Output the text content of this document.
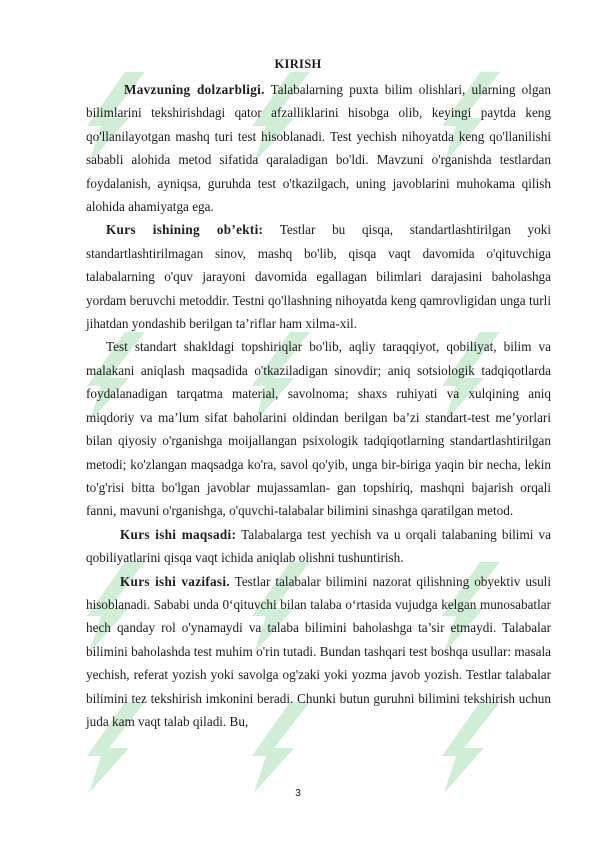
KIRISH

Mavzuning dolzarbligi. Talabalarning puxta bilim olishlari, ularning olgan bilimlarini tekshirishdagi qator afzalliklarini hisobga olib, keyingi paytda keng qo'llanilayotgan mashq turi test hisoblanadi. Test yechish nihoyatda keng qo'llanilishi sababli alohida metod sifatida qaraladigan bo'ldi. Mavzuni o'rganishda testlardan foydalanish, ayniqsa, guruhda test o'tkazilgach, uning javoblarini muhokama qilish alohida ahamiyatga ega.

Kurs ishining ob’ekti: Testlar bu qisqa, standartlashtirilgan yoki standartlashtirilmagan sinov, mashq bo'lib, qisqa vaqt davomida o'qituvchiga talabalarning o'quv jarayoni davomida egallagan bilimlari darajasini baholashga yordam beruvchi metoddir. Testni qo'llashning nihoyatda keng qamrovligidan unga turli jihatdan yondashib berilgan ta’riflar ham xilma-xil.

Test standart shakldagi topshiriqlar bo'lib, aqliy taraqqiyot, qobiliyat, bilim va malakani aniqlash maqsadida o'tkaziladigan sinovdir; aniq sotsiologik tadqiqotlarda foydalanadigan tarqatma material, savolnoma; shaxs ruhiyati va xulqining aniq miqdoriy va ma’lum sifat baholarini oldindan berilgan ba’zi standart-test me’yorlari bilan qiyosiy o'rganishga moijallangan psixologik tadqiqotlarning standartlashtirilgan metodi; ko'zlangan maqsadga ko'ra, savol qo'yib, unga bir-biriga yaqin bir necha, lekin to'g'risi bitta bo'lgan javoblar mujassamlan- gan topshiriq, mashqni bajarish orqali fanni, mavuni o'rganishga, o'quvchi-talabalar bilimini sinashga qaratilgan metod.

Kurs ishi maqsadi: Talabalarga test yechish va u orqali talabaning bilimi va qobiliyatlarini qisqa vaqt ichida aniqlab olishni tushuntirish.

Kurs ishi vazifasi. Testlar talabalar bilimini nazorat qilishning obyektiv usuli hisoblanadi. Sababi unda 0‘qituvchi bilan talaba o‘rtasida vujudga kelgan munosabatlar hech qanday rol o'ynamaydi va talaba bilimini baholashga ta’sir etmaydi. Talabalar bilimini baholashda test muhim o'rin tutadi. Bundan tashqari test boshqa usullar: masala yechish, referat yozish yoki savolga og'zaki yoki yozma javob yozish. Testlar talabalar bilimini tez tekshirish imkonini beradi. Chunki butun guruhni bilimini tekshirish uchun juda kam vaqt talab qiladi. Bu,

3
